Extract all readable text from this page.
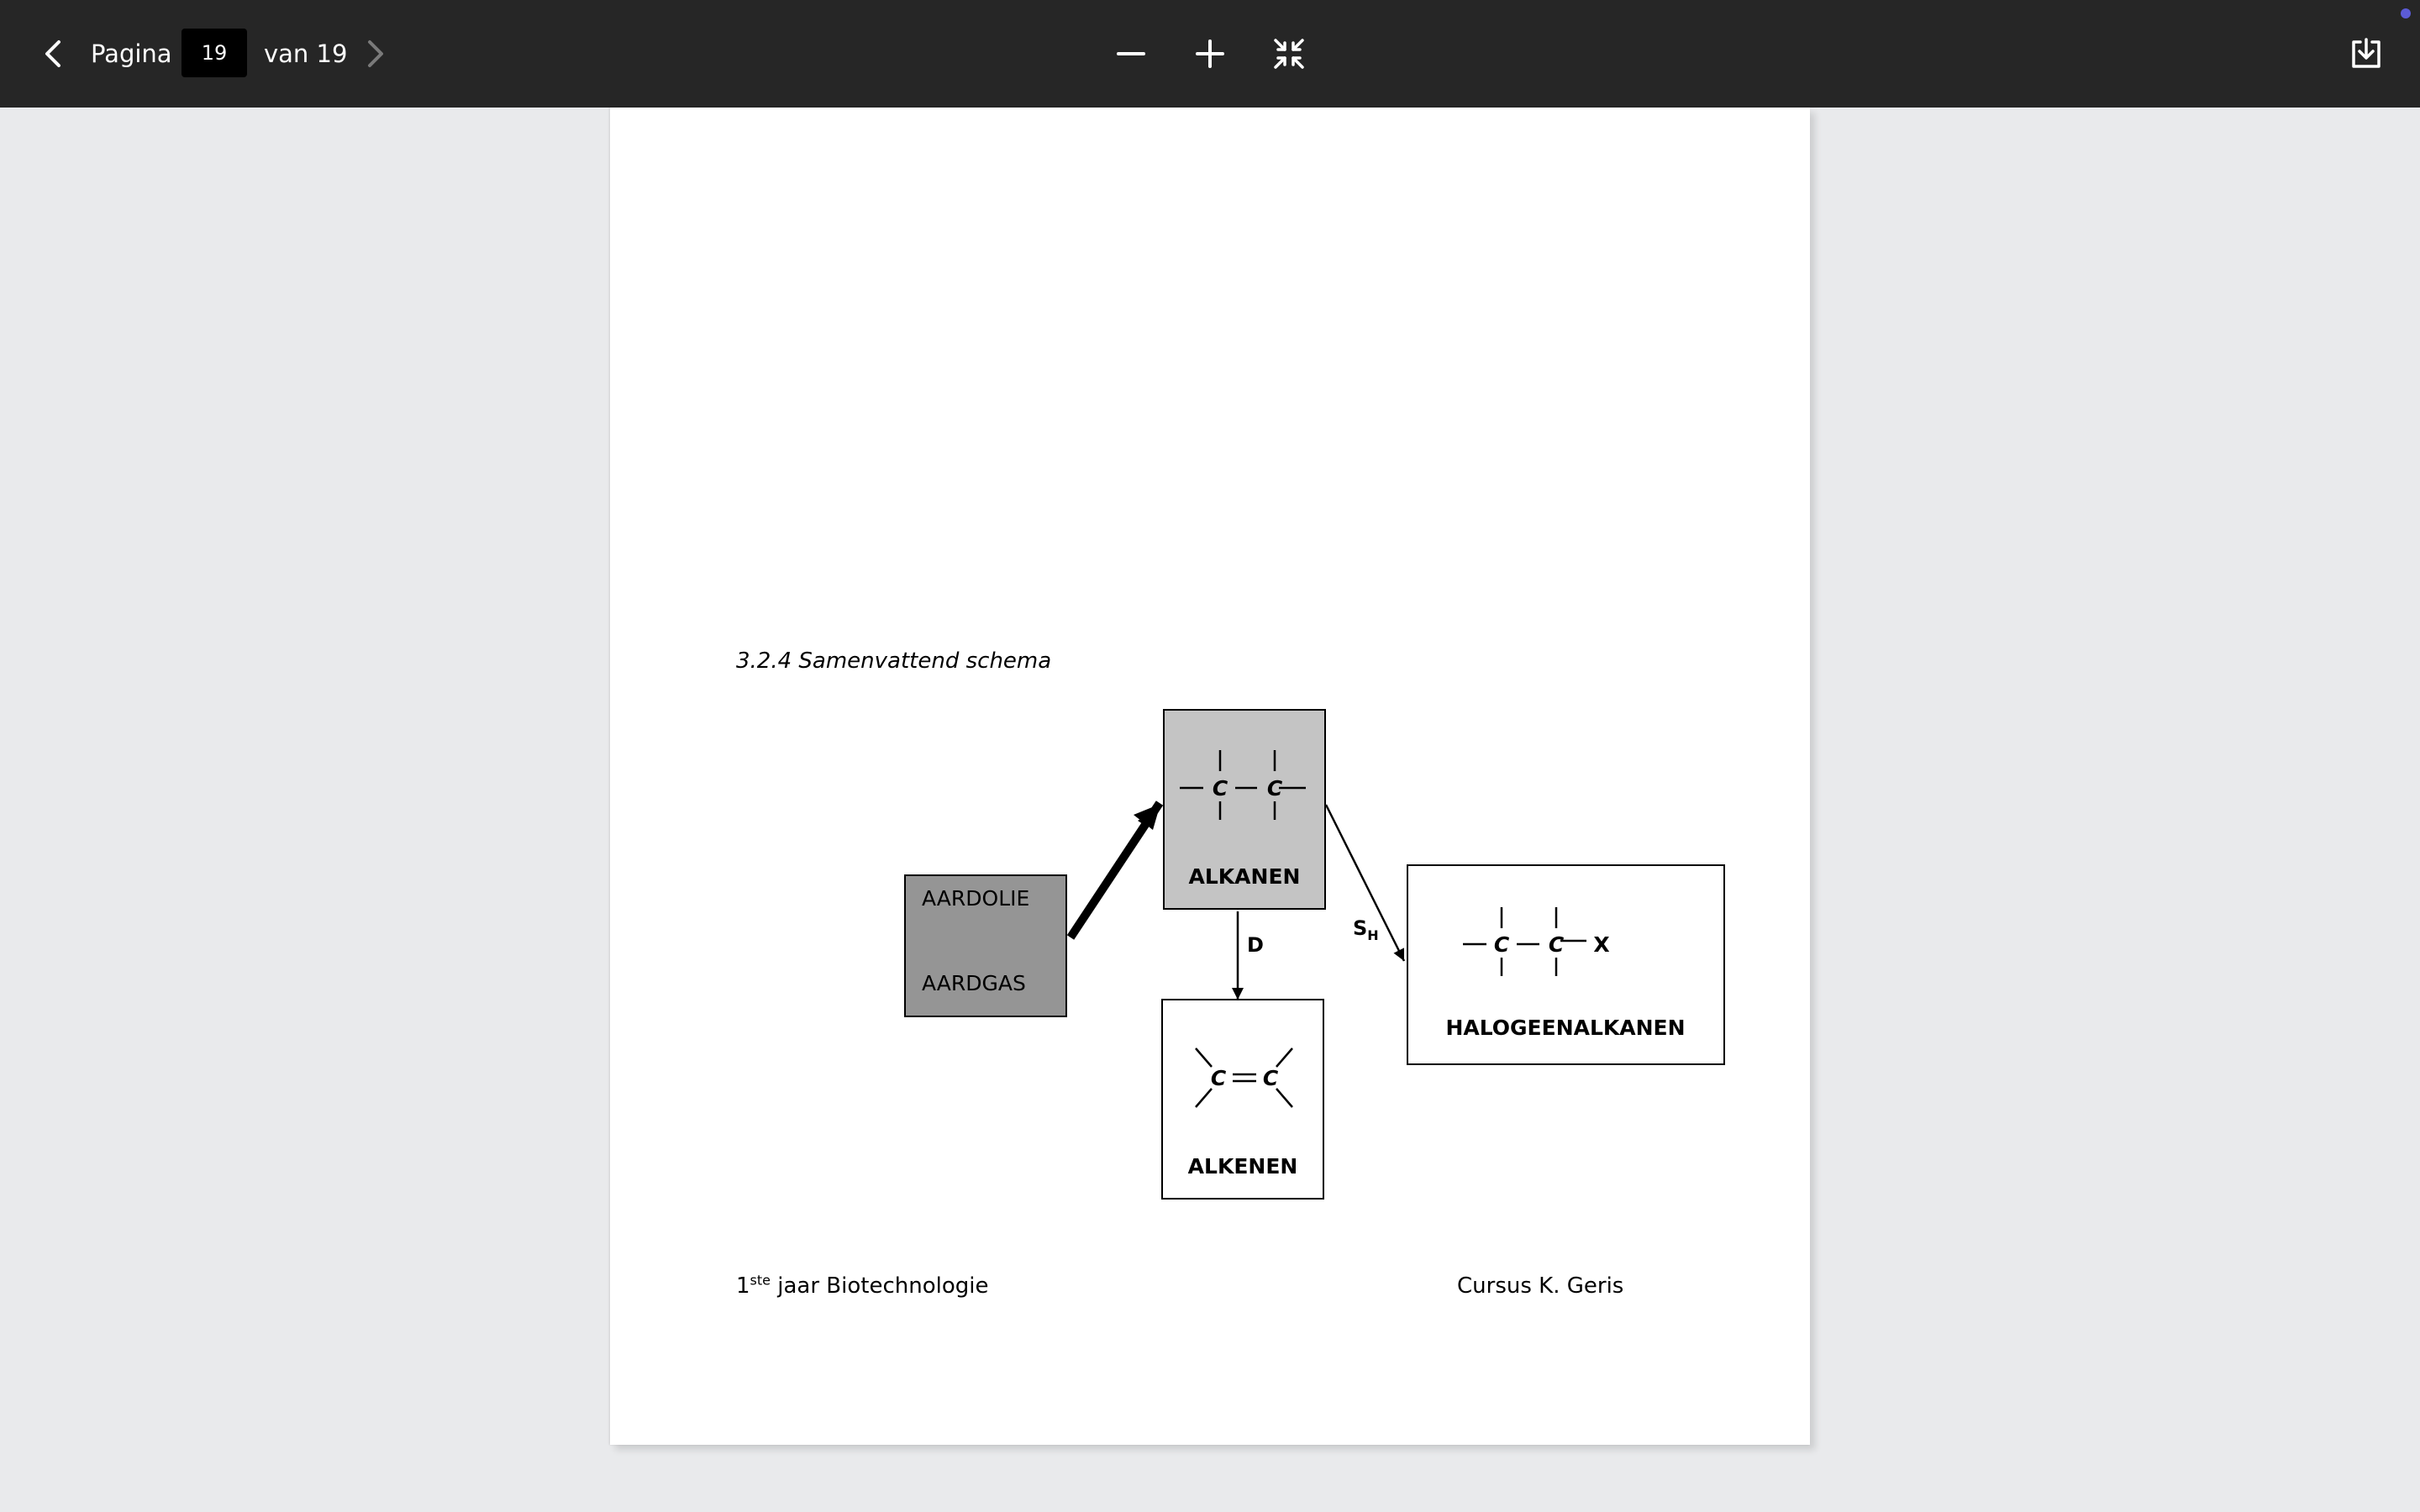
Pagina
19	van 19
3.2.4 Samenvattend schema
AARDOLIE
AARDGAS
C C
ALKANEN
D
C C
ALKENEN
$S_H$	C C X
HALOGEENALKANEN
1ste jaar Biotechnologie	Cursus K. Geris
